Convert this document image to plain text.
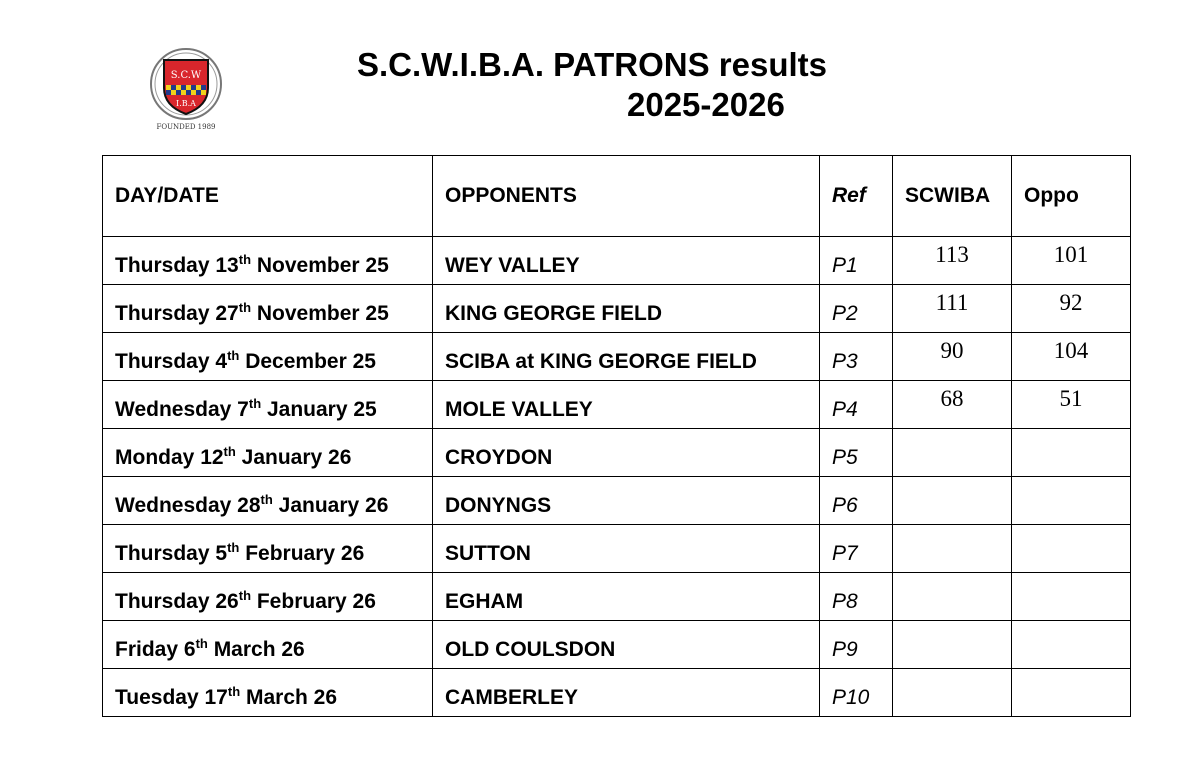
S.C.W
I.B.A
FOUNDED 1989
S.C.W.I.B.A. PATRONS results
2025-2026
DAY/DATE	OPPONENTS	Ref	SCWIBA	Oppo
Thursday 13th November 25	WEY VALLEY	P1	113	101
Thursday 27th November 25	KING GEORGE FIELD	P2	111	92
Thursday 4th December 25	SCIBA at KING GEORGE FIELD	P3	90	104
Wednesday 7th January 25	MOLE VALLEY	P4	68	51
Monday 12th January 26	CROYDON	P5		
Wednesday 28th January 26	DONYNGS	P6		
Thursday 5th February 26	SUTTON	P7		
Thursday 26th February 26	EGHAM	P8		
Friday 6th March 26	OLD COULSDON	P9		
Tuesday 17th March 26	CAMBERLEY	P10		
